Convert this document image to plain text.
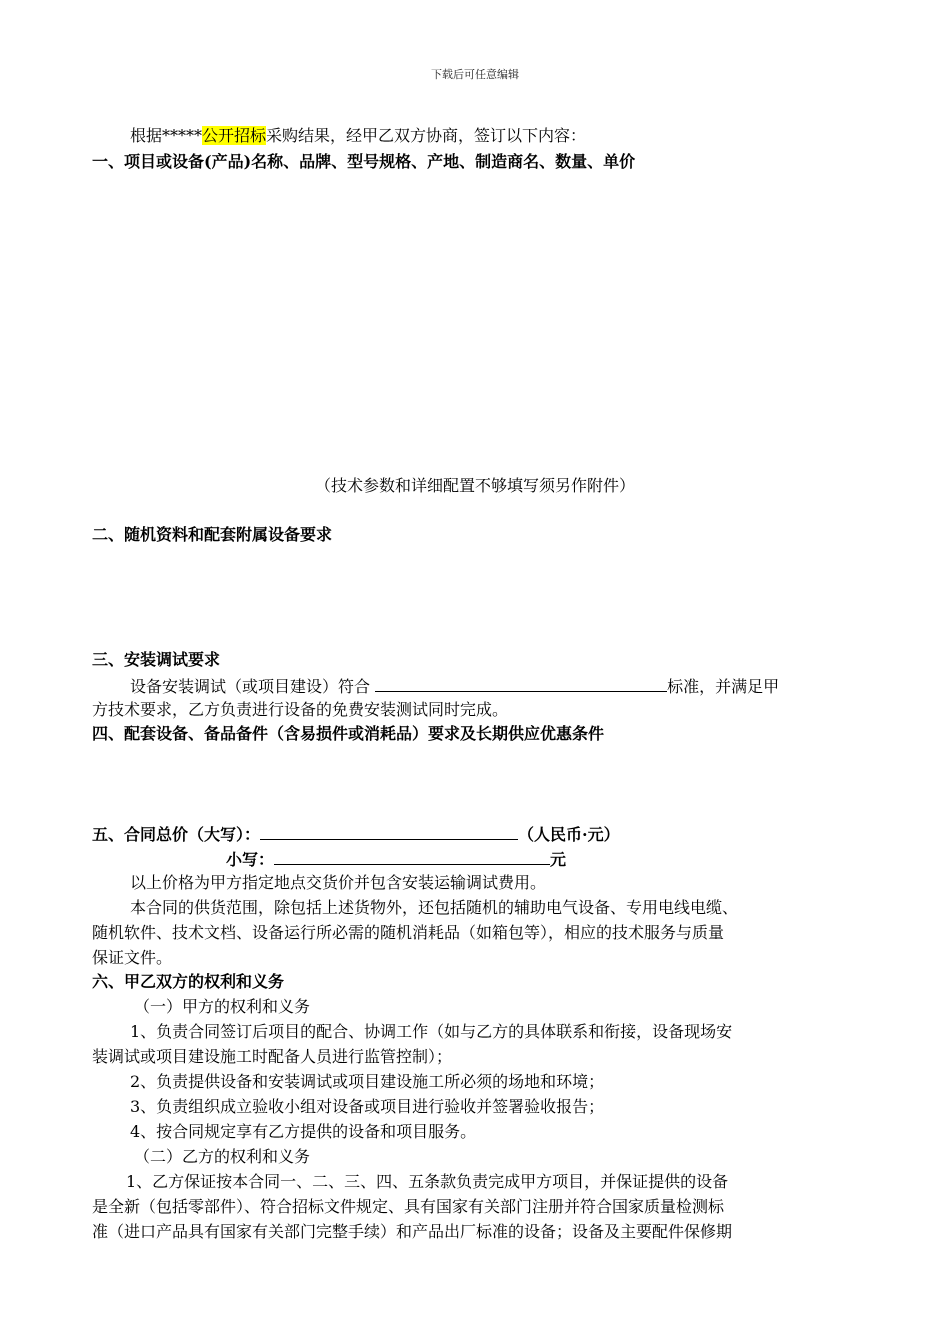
下载后可任意编辑
根据*****公开招标采购结果，经甲乙双方协商，签订以下内容：
一、项目或设备(产品)名称、品牌、型号规格、产地、制造商名、数量、单价
（技术参数和详细配置不够填写须另作附件）
二、随机资料和配套附属设备要求
三、安装调试要求
设备安装调试（或项目建设）符合	标准，并满足甲
方技术要求，乙方负责进行设备的免费安装测试同时完成。
四、配套设备、备品备件（含易损件或消耗品）要求及长期供应优惠条件
五、合同总价（大写）：	（人民币·元）
小写：	元
以上价格为甲方指定地点交货价并包含安装运输调试费用。
本合同的供货范围，除包括上述货物外，还包括随机的辅助电气设备、专用电线电缆、
随机软件、技术文档、设备运行所必需的随机消耗品（如箱包等），相应的技术服务与质量
保证文件。
六、甲乙双方的权利和义务
（一）甲方的权利和义务
1、负责合同签订后项目的配合、协调工作（如与乙方的具体联系和衔接，设备现场安
装调试或项目建设施工时配备人员进行监管控制）；
2、负责提供设备和安装调试或项目建设施工所必须的场地和环境；
3、负责组织成立验收小组对设备或项目进行验收并签署验收报告；
4、按合同规定享有乙方提供的设备和项目服务。
（二）乙方的权利和义务
1、乙方保证按本合同一、二、三、四、五条款负责完成甲方项目，并保证提供的设备
是全新（包括零部件）、符合招标文件规定、具有国家有关部门注册并符合国家质量检测标
准（进口产品具有国家有关部门完整手续）和产品出厂标准的设备；设备及主要配件保修期
